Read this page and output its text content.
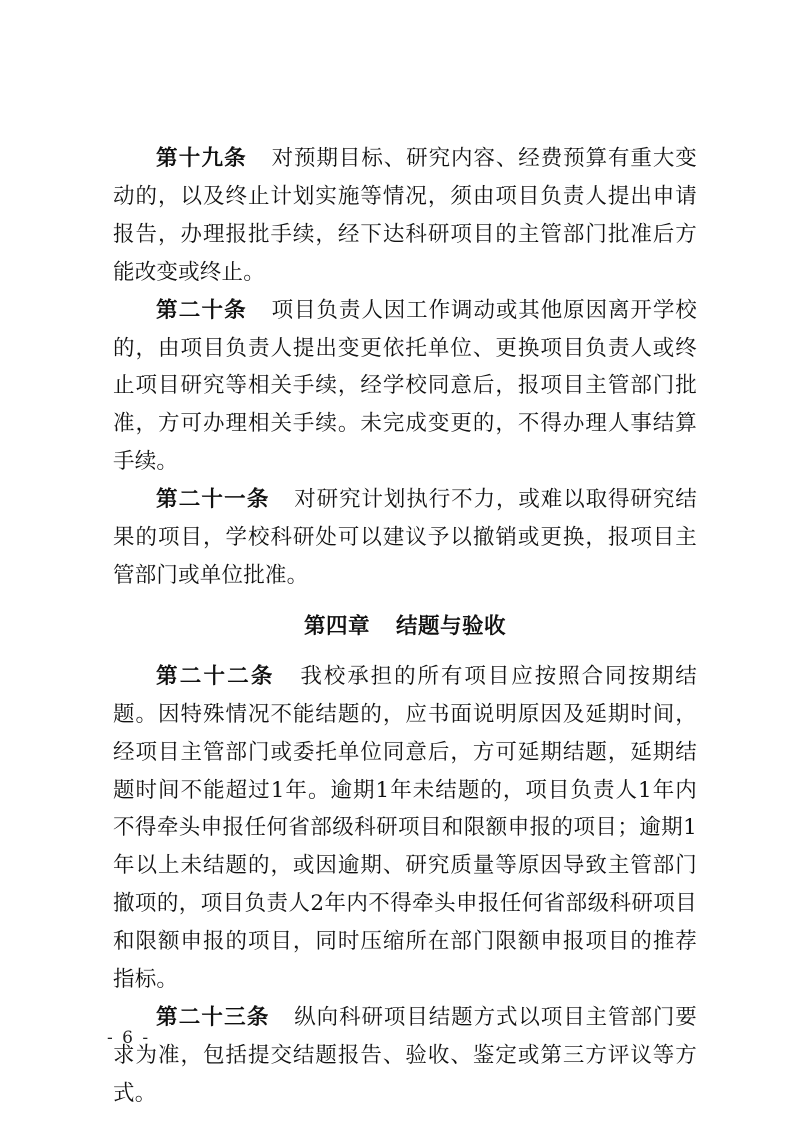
第十九条 对预期目标、研究内容、经费预算有重大变动的，以及终止计划实施等情况，须由项目负责人提出申请报告，办理报批手续，经下达科研项目的主管部门批准后方能改变或终止。

第二十条 项目负责人因工作调动或其他原因离开学校的，由项目负责人提出变更依托单位、更换项目负责人或终止项目研究等相关手续，经学校同意后，报项目主管部门批准，方可办理相关手续。未完成变更的，不得办理人事结算手续。

第二十一条 对研究计划执行不力，或难以取得研究结果的项目，学校科研处可以建议予以撤销或更换，报项目主管部门或单位批准。

第四章 结题与验收

第二十二条 我校承担的所有项目应按照合同按期结题。因特殊情况不能结题的，应书面说明原因及延期时间，经项目主管部门或委托单位同意后，方可延期结题，延期结题时间不能超过1年。逾期1年未结题的，项目负责人1年内不得牵头申报任何省部级科研项目和限额申报的项目；逾期1年以上未结题的，或因逾期、研究质量等原因导致主管部门撤项的，项目负责人2年内不得牵头申报任何省部级科研项目和限额申报的项目，同时压缩所在部门限额申报项目的推荐指标。

第二十三条 纵向科研项目结题方式以项目主管部门要求为准，包括提交结题报告、验收、鉴定或第三方评议等方式。

- 6 -
